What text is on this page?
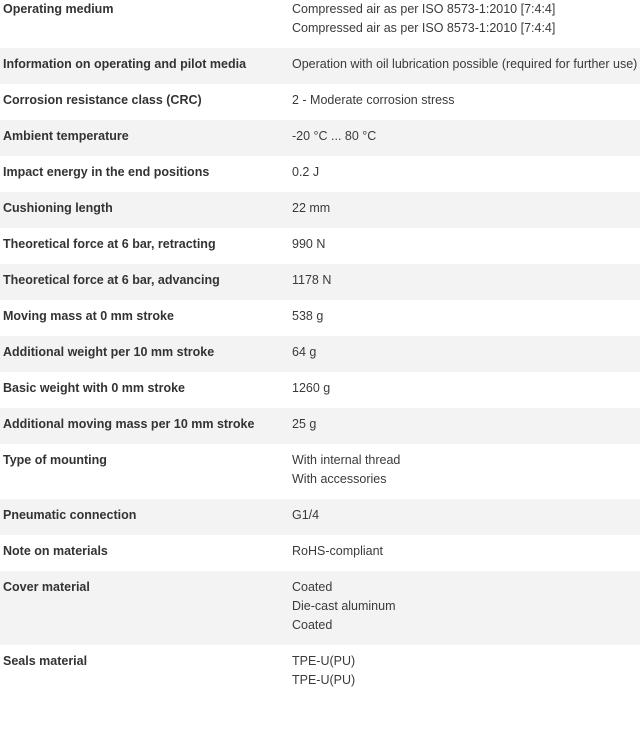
Operating medium	Compressed air as per ISO 8573-1:2010 [7:4:4]
Compressed air as per ISO 8573-1:2010 [7:4:4]
Information on operating and pilot media	Operation with oil lubrication possible (required for further use)
Corrosion resistance class (CRC)	2 - Moderate corrosion stress
Ambient temperature	-20 °C ... 80 °C
Impact energy in the end positions	0.2 J
Cushioning length	22 mm
Theoretical force at 6 bar, retracting	990 N
Theoretical force at 6 bar, advancing	1178 N
Moving mass at 0 mm stroke	538 g
Additional weight per 10 mm stroke	64 g
Basic weight with 0 mm stroke	1260 g
Additional moving mass per 10 mm stroke	25 g
Type of mounting	With internal thread
With accessories
Pneumatic connection	G1/4
Note on materials	RoHS-compliant
Cover material	Coated
Die-cast aluminum
Coated
Seals material	TPE-U(PU)
TPE-U(PU)
